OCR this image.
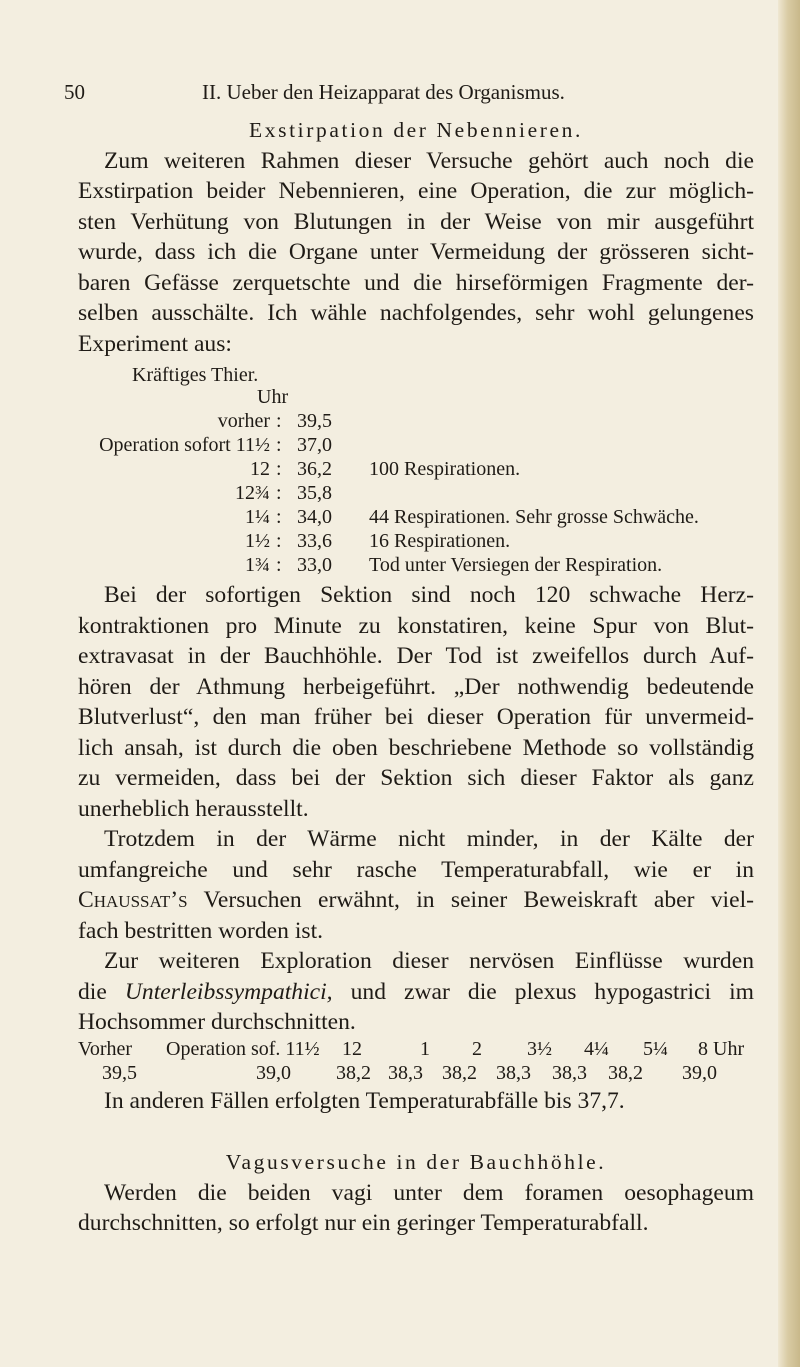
50	II. Ueber den Heizapparat des Organismus.
Exstirpation der Nebennieren.
Zum weiteren Rahmen dieser Versuche gehört auch noch die
Exstirpation beider Nebennieren, eine Operation, die zur möglich-
sten Verhütung von Blutungen in der Weise von mir ausgeführt
wurde, dass ich die Organe unter Vermeidung der grösseren sicht-
baren Gefässe zerquetschte und die hirseförmigen Fragmente der-
selben ausschälte. Ich wähle nachfolgendes, sehr wohl gelungenes
Experiment aus:
Kräftiges Thier.
Uhr
vorher : 39,5
Operation sofort 11½ : 37,0
12 : 36,2 100 Respirationen.
12¾ : 35,8
1¼ : 34,0 44 Respirationen. Sehr grosse Schwäche.
1½ : 33,6 16 Respirationen.
1¾ : 33,0 Tod unter Versiegen der Respiration.
Bei der sofortigen Sektion sind noch 120 schwache Herz-
kontraktionen pro Minute zu konstatiren, keine Spur von Blut-
extravasat in der Bauchhöhle. Der Tod ist zweifellos durch Auf-
hören der Athmung herbeigeführt. „Der nothwendig bedeutende
Blutverlust“, den man früher bei dieser Operation für unvermeid-
lich ansah, ist durch die oben beschriebene Methode so vollständig
zu vermeiden, dass bei der Sektion sich dieser Faktor als ganz
unerheblich herausstellt.
Trotzdem in der Wärme nicht minder, in der Kälte der
umfangreiche und sehr rasche Temperaturabfall, wie er in
Chaussat’s Versuchen erwähnt, in seiner Beweiskraft aber viel-
fach bestritten worden ist.
Zur weiteren Exploration dieser nervösen Einflüsse wurden
die Unterleibssympathici, und zwar die plexus hypogastrici im
Hochsommer durchschnitten.
Vorher Operation sof. 11½ 12	1 2 3½ 4¼ 5¼ 8 Uhr
39,5	39,0 38,2 38,3 38,2 38,3 38,3 38,2 39,0
In anderen Fällen erfolgten Temperaturabfälle bis 37,7.
Vagusversuche in der Bauchhöhle.
Werden die beiden vagi unter dem foramen oesophageum
durchschnitten, so erfolgt nur ein geringer Temperaturabfall.
